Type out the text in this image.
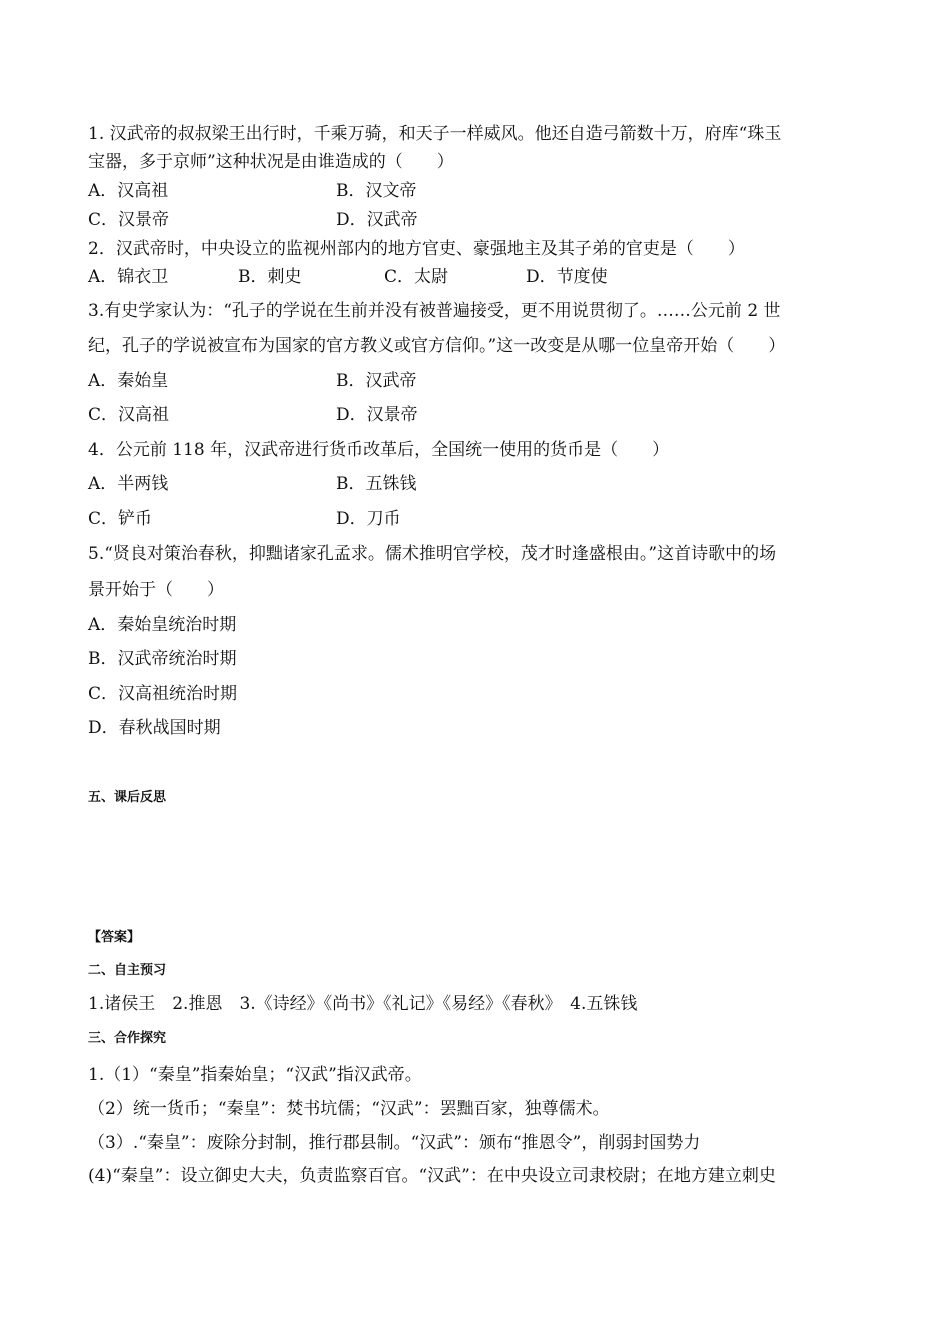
1. 汉武帝的叔叔梁王出行时，千乘万骑，和天子一样威风。他还自造弓箭数十万，府库“珠玉
宝器，多于京师”这种状况是由谁造成的（　　）
A．汉高祖	B．汉文帝
C．汉景帝	D．汉武帝
2．汉武帝时，中央设立的监视州部内的地方官吏、豪强地主及其子弟的官吏是（　　）
A．锦衣卫	B．刺史	C．太尉	D．节度使
3.有史学家认为：“孔子的学说在生前并没有被普遍接受，更不用说贯彻了。……公元前 2 世
纪，孔子的学说被宣布为国家的官方教义或官方信仰。”这一改变是从哪一位皇帝开始（　　）
A．秦始皇	B．汉武帝
C．汉高祖	D．汉景帝
4．公元前 118 年，汉武帝进行货币改革后，全国统一使用的货币是（　　）
A．半两钱	B．五铢钱
C．铲币	D．刀币
5.“贤良对策治春秋，抑黜诸家孔孟求。儒术推明官学校，茂才时逢盛根由。”这首诗歌中的场
景开始于（　　）
A．秦始皇统治时期
B．汉武帝统治时期
C．汉高祖统治时期
D．春秋战国时期
五、课后反思
【答案】
二、自主预习
1.诸侯王　2.推恩　3.《诗经》《尚书》《礼记》《易经》《春秋》　4.五铢钱
三、合作探究
1.（1）“秦皇”指秦始皇；“汉武”指汉武帝。
（2）统一货币；“秦皇”：焚书坑儒；“汉武”：罢黜百家，独尊儒术。
（3）.“秦皇”：废除分封制，推行郡县制。“汉武”：颁布“推恩令”，削弱封国势力
(4)“秦皇”：设立御史大夫，负责监察百官。“汉武”：在中央设立司隶校尉；在地方建立刺史
